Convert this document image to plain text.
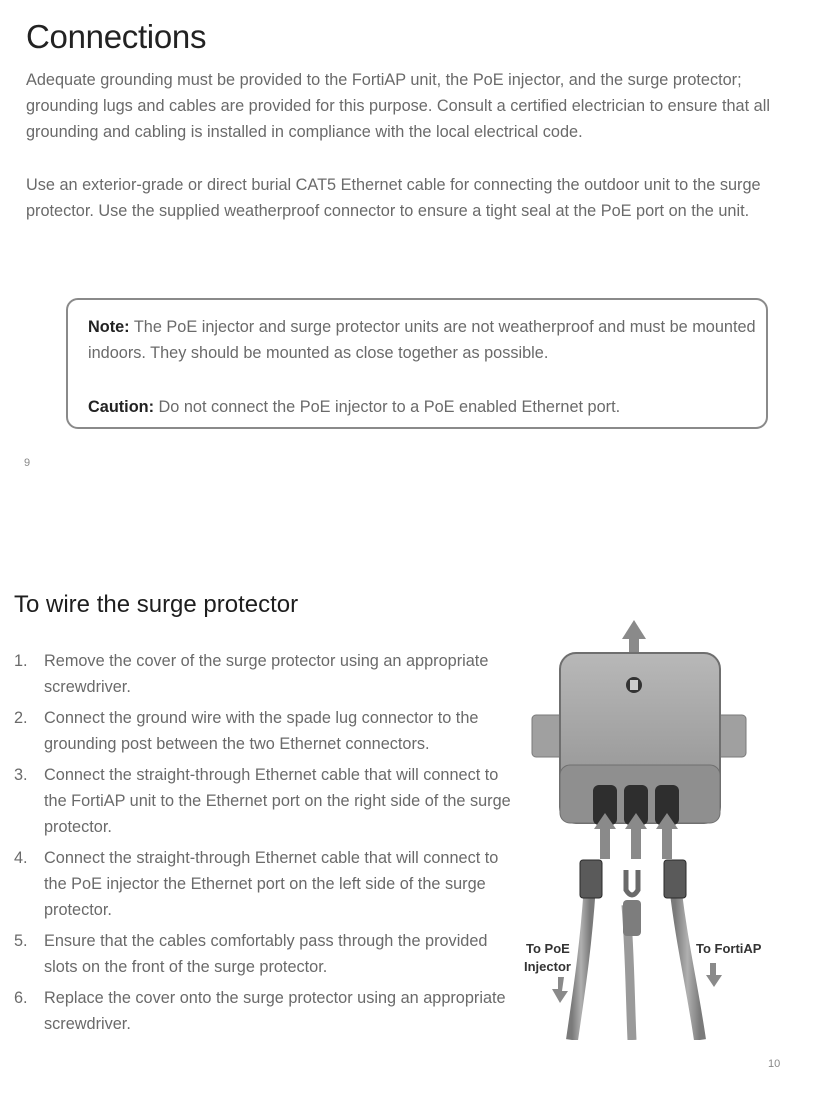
Connections

Adequate grounding must be provided to the FortiAP unit, the PoE injector, and the surge protector; grounding lugs and cables are provided for this purpose. Consult a certified electrician to ensure that all grounding and cabling is installed in compliance with the local electrical code.

Use an exterior-grade or direct burial CAT5 Ethernet cable for connecting the outdoor unit to the surge protector. Use the supplied weatherproof connector to ensure a tight seal at the PoE port on the unit.

Note: The PoE injector and surge protector units are not weatherproof and must be mounted indoors. They should be mounted as close together as possible.

Caution: Do not connect the PoE injector to a PoE enabled Ethernet port.

9
To wire the surge protector
1. Remove the cover of the surge protector using an appropriate screwdriver.
2. Connect the ground wire with the spade lug connector to the grounding post between the two Ethernet connectors.
3. Connect the straight-through Ethernet cable that will connect to the FortiAP unit to the Ethernet port on the right side of the surge protector.
4. Connect the straight-through Ethernet cable that will connect to the PoE injector the Ethernet port on the left side of the surge protector.
5. Ensure that the cables comfortably pass through the provided slots on the front of the surge protector.
6. Replace the cover onto the surge protector using an appropriate screwdriver.
To PoE
Injector
To FortiAP
10
